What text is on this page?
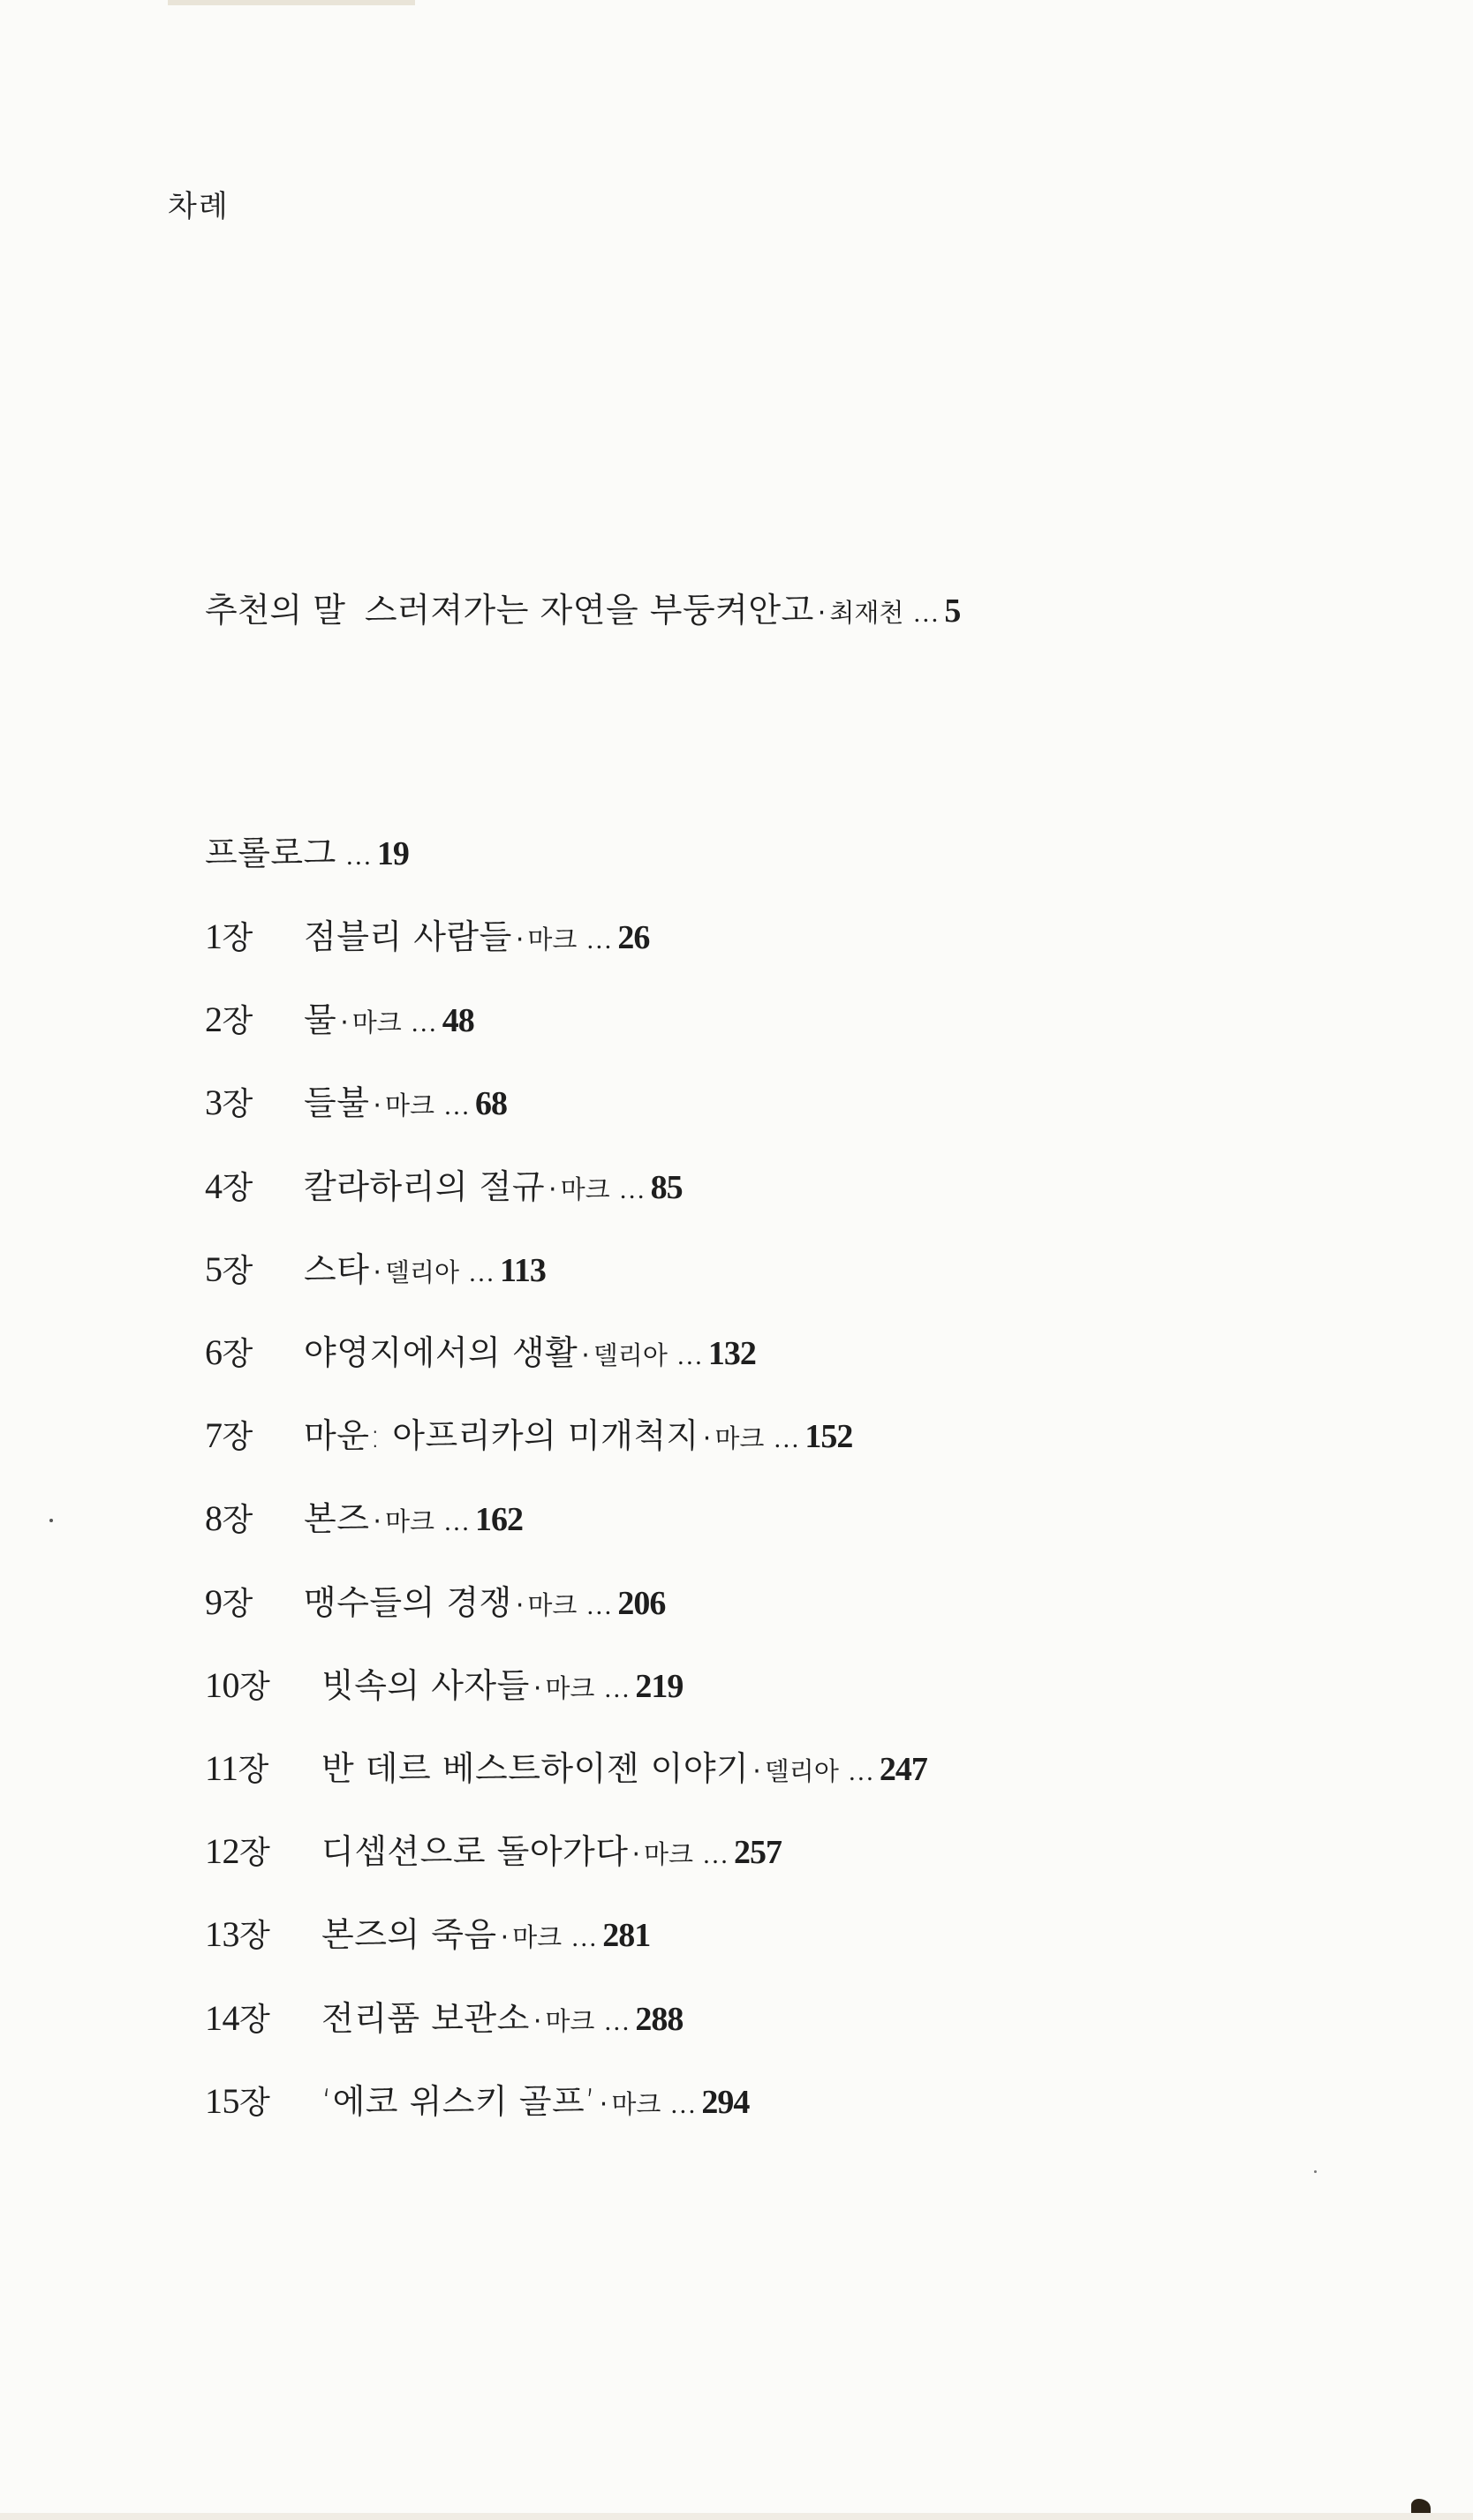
차례
추천의 말 스러져가는 자연을 부둥켜안고 · 최재천 … 5
프롤로그 … 19
1장	점블리 사람들 · 마크 … 26
2장	물 · 마크 … 48
3장	들불 · 마크 … 68
4장	칼라하리의 절규 · 마크 … 85
5장	스타 · 델리아 … 113
6장	야영지에서의 생활 · 델리아 … 132
7장	마운: 아프리카의 미개척지 · 마크 … 152
8장	본즈 · 마크 … 162
9장	맹수들의 경쟁 · 마크 … 206
10장	빗속의 사자들 · 마크 … 219
11장	반 데르 베스트하이젠 이야기 · 델리아 … 247
12장	디셉션으로 돌아가다 · 마크 … 257
13장	본즈의 죽음 · 마크 … 281
14장	전리품 보관소 · 마크 … 288
15장	‘에코 위스키 골프’ · 마크 … 294
